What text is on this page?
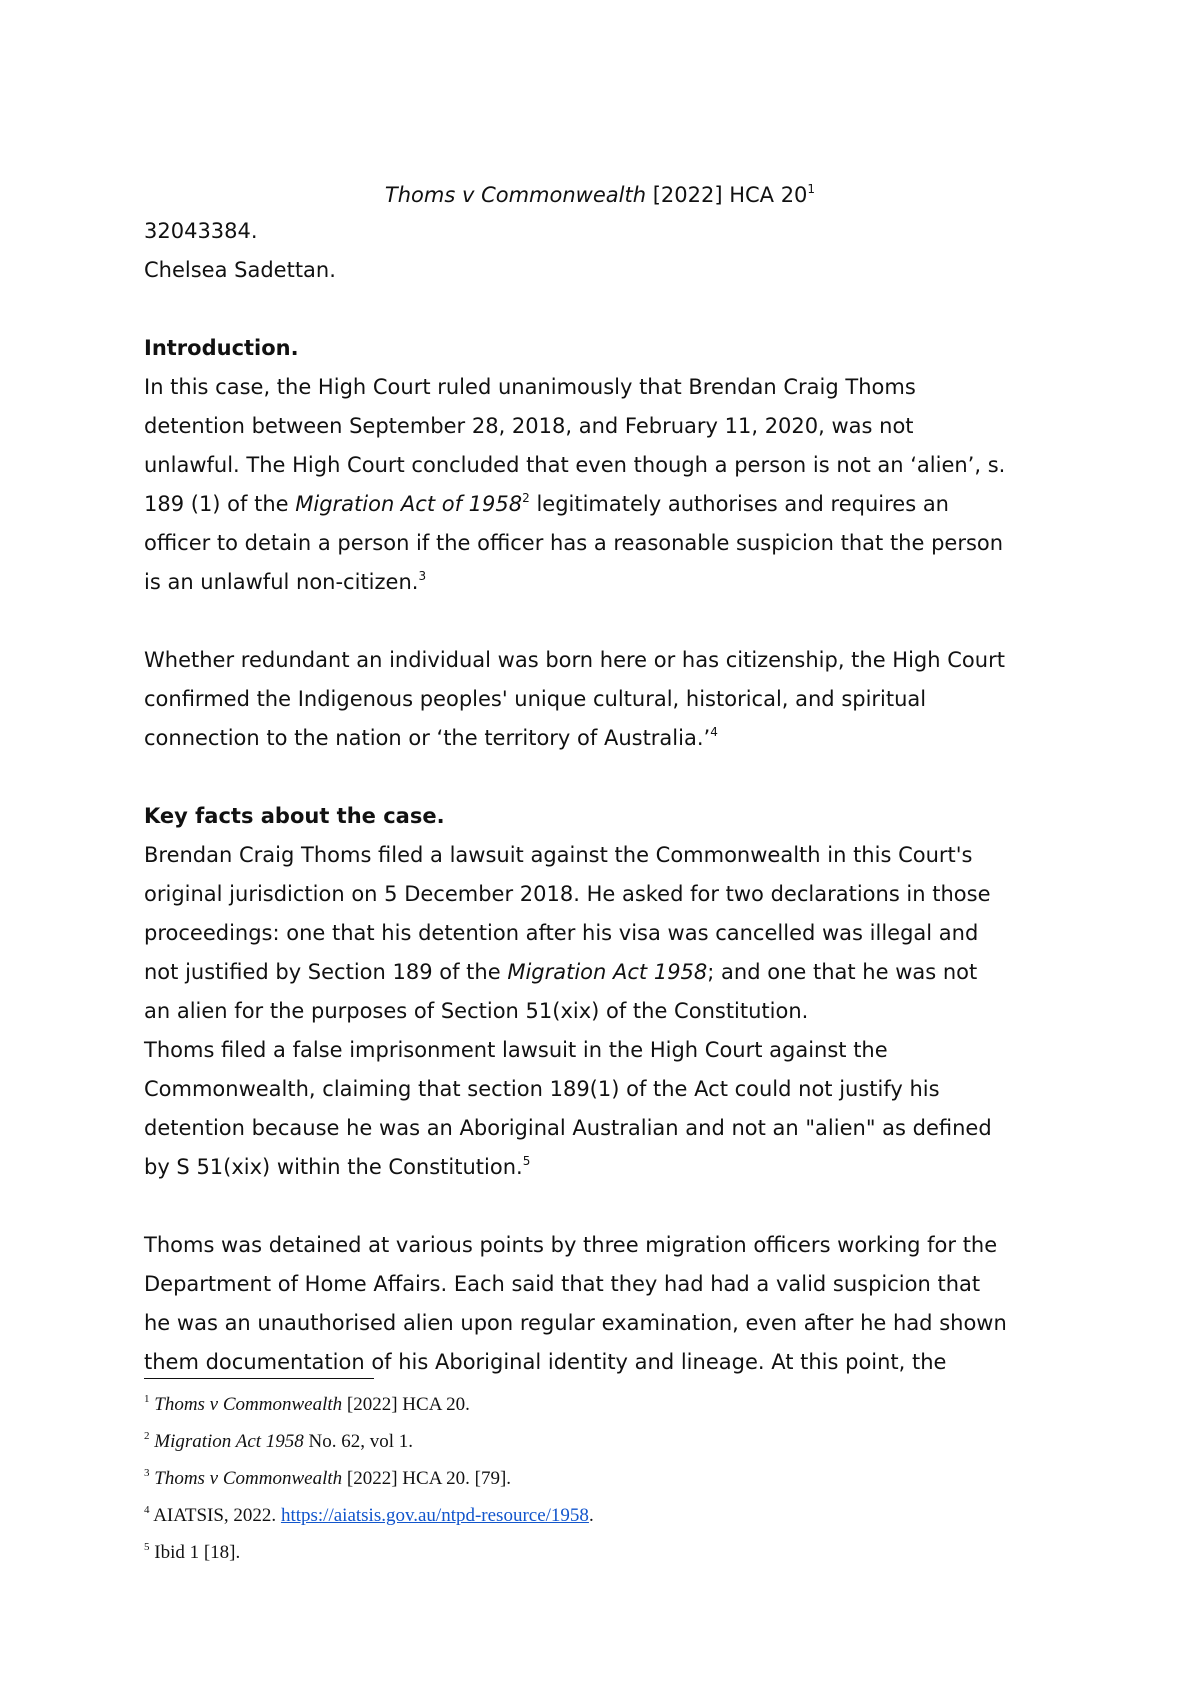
Thoms v Commonwealth [2022] HCA $20^1$
32043384.
Chelsea Sadettan.
Introduction.
In this case, the High Court ruled unanimously that Brendan Craig Thoms
detention between September 28, 2018, and February 11, 2020, was not
unlawful. The High Court concluded that even though a person is not an ‘alien’, s.
189 (1) of the Migration Act of 1958$^2$ legitimately authorises and requires an
officer to detain a person if the officer has a reasonable suspicion that the person
is an unlawful non-citizen.$^3$
Whether redundant an individual was born here or has citizenship, the High Court
confirmed the Indigenous peoples' unique cultural, historical, and spiritual
connection to the nation or ‘the territory of Australia.’$^4$
Key facts about the case.
Brendan Craig Thoms filed a lawsuit against the Commonwealth in this Court's
original jurisdiction on 5 December 2018. He asked for two declarations in those
proceedings: one that his detention after his visa was cancelled was illegal and
not justified by Section 189 of the Migration Act 1958; and one that he was not
an alien for the purposes of Section 51(xix) of the Constitution.
Thoms filed a false imprisonment lawsuit in the High Court against the
Commonwealth, claiming that section 189(1) of the Act could not justify his
detention because he was an Aboriginal Australian and not an "alien" as defined
by S 51(xix) within the Constitution.$^5$
Thoms was detained at various points by three migration officers working for the
Department of Home Affairs. Each said that they had had a valid suspicion that
he was an unauthorised alien upon regular examination, even after he had shown
them documentation of his Aboriginal identity and lineage. At this point, the
$^1$ Thoms v Commonwealth [2022] HCA 20.
$^2$ Migration Act 1958 No. 62, vol 1.
$^3$ Thoms v Commonwealth [2022] HCA 20. [79].
$^4$ AIATSIS, 2022. https://aiatsis.gov.au/ntpd-resource/1958.
$^5$ Ibid 1 [18].
